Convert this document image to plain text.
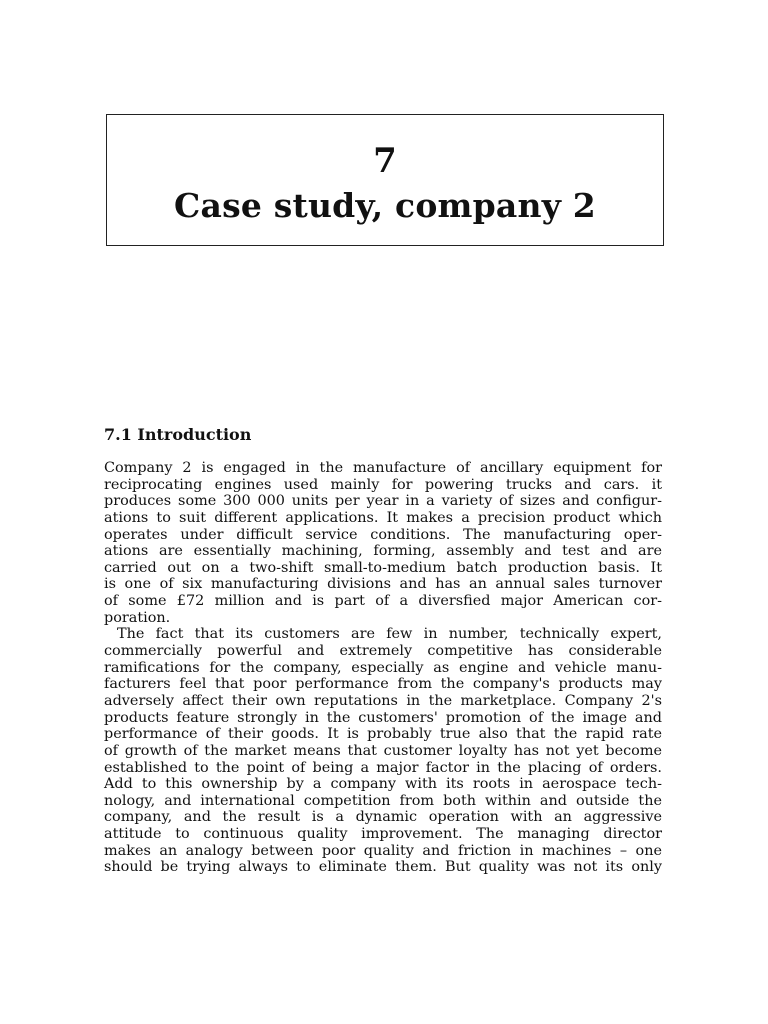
7
Case study, company 2
7.1 Introduction
Company 2 is engaged in the manufacture of ancillary equipment for
reciprocating engines used mainly for powering trucks and cars. it
produces some 300 000 units per year in a variety of sizes and configur-
ations to suit different applications. It makes a precision product which
operates under difficult service conditions. The manufacturing oper-
ations are essentially machining, forming, assembly and test and are
carried out on a two-shift small-to-medium batch production basis. It
is one of six manufacturing divisions and has an annual sales turnover
of some £72 million and is part of a diversfied major American cor-
poration.
The fact that its customers are few in number, technically expert,
commercially powerful and extremely competitive has considerable
ramifications for the company, especially as engine and vehicle manu-
facturers feel that poor performance from the company's products may
adversely affect their own reputations in the marketplace. Company 2's
products feature strongly in the customers' promotion of the image and
performance of their goods. It is probably true also that the rapid rate
of growth of the market means that customer loyalty has not yet become
established to the point of being a major factor in the placing of orders.
Add to this ownership by a company with its roots in aerospace tech-
nology, and international competition from both within and outside the
company, and the result is a dynamic operation with an aggressive
attitude to continuous quality improvement. The managing director
makes an analogy between poor quality and friction in machines – one
should be trying always to eliminate them. But quality was not its only
